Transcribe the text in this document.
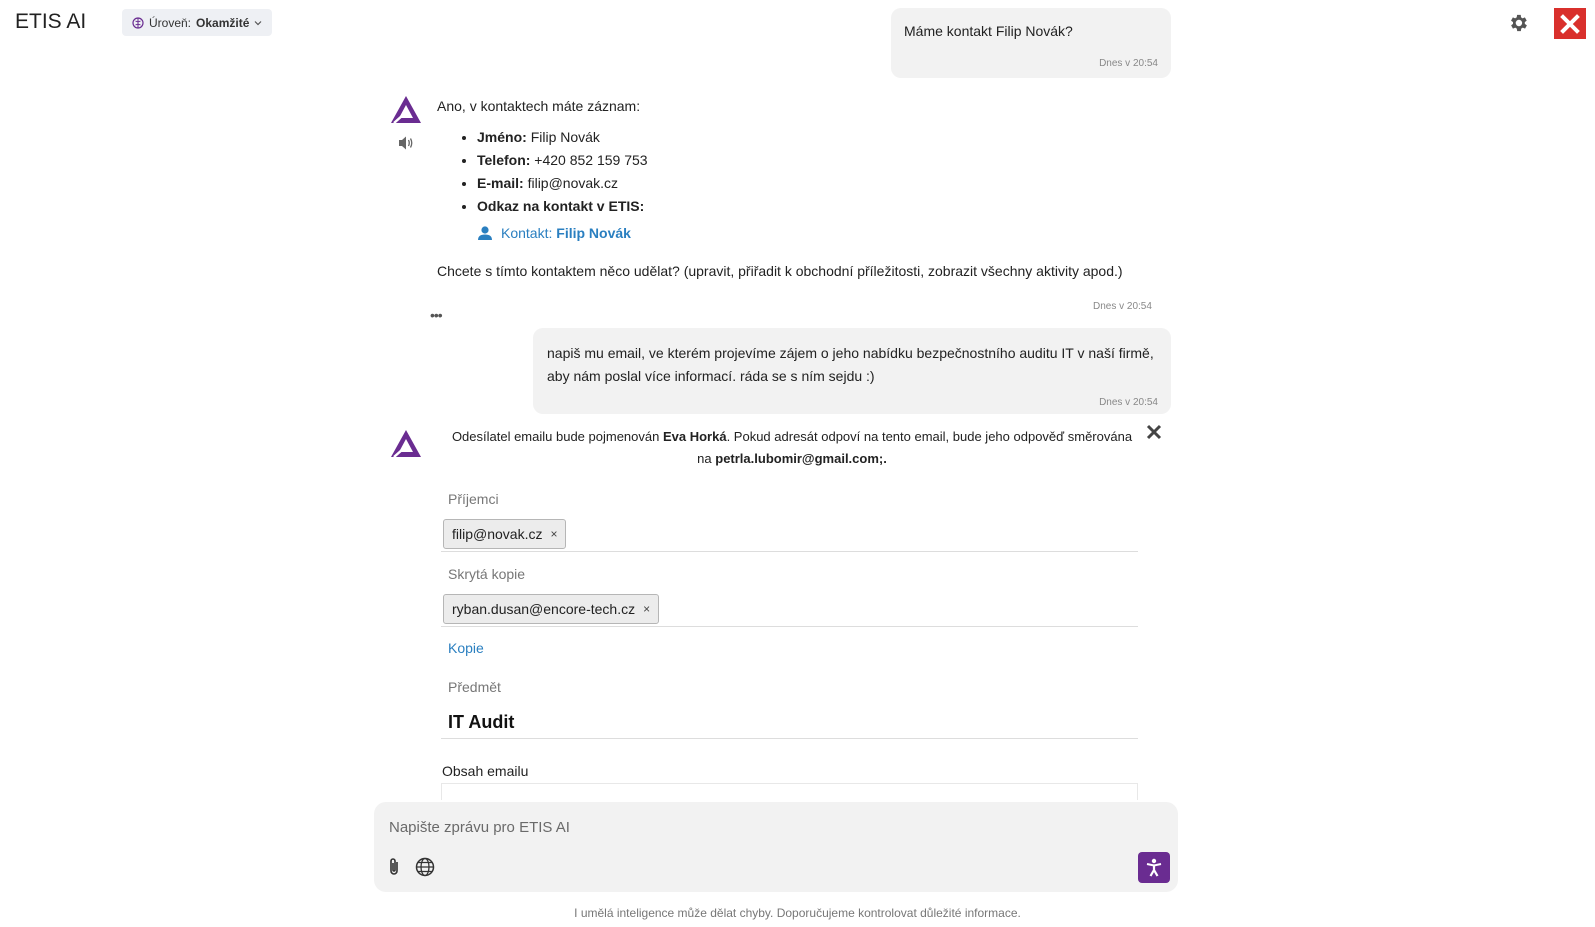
ETIS AI	Úroveň: Okamžité
Máme kontakt Filip Novák?
Dnes v 20:54
Ano, v kontaktech máte záznam:
• Jméno: Filip Novák
• Telefon: +420 852 159 753
• E-mail: filip@novak.cz
• Odkaz na kontakt v ETIS:
Kontakt: Filip Novák
Chcete s tímto kontaktem něco udělat? (upravit, přiřadit k obchodní příležitosti, zobrazit všechny aktivity apod.)
Dnes v 20:54
•••
napiš mu email, ve kterém projevíme zájem o jeho nabídku bezpečnostního auditu IT v naší firmě, aby nám poslal více informací. ráda se s ním sejdu :)
Dnes v 20:54
Odesílatel emailu bude pojmenován Eva Horká. Pokud adresát odpoví na tento email, bude jeho odpověď směrována na petrla.lubomir@gmail.com;.
Příjemci
filip@novak.cz ×
Skrytá kopie
ryban.dusan@encore-tech.cz ×
Kopie
Předmět
IT Audit
Obsah emailu
Napište zprávu pro ETIS AI
I umělá inteligence může dělat chyby. Doporučujeme kontrolovat důležité informace.
